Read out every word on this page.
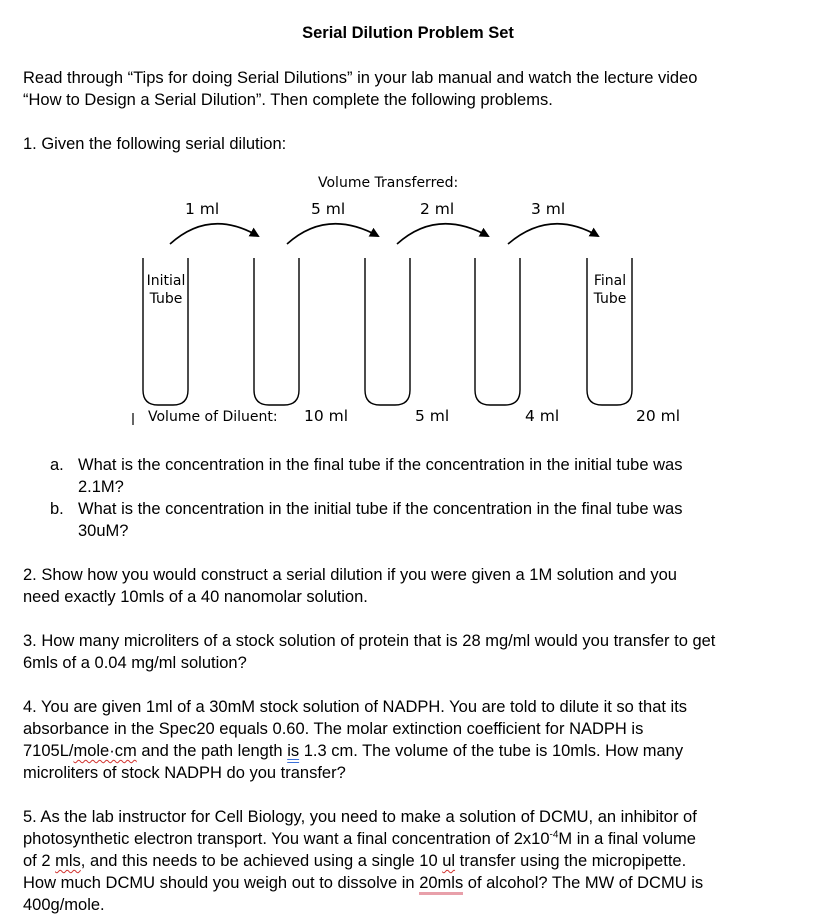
Serial Dilution Problem Set
Read through “Tips for doing Serial Dilutions” in your lab manual and watch the lecture video
“How to Design a Serial Dilution”. Then complete the following problems.
1. Given the following serial dilution:
Volume Transferred:
1 ml	5 ml	2 ml	3 ml
Initial
Tube
Final
Tube
Volume of Diluent: 10 ml	5 ml	4 ml	20 ml
a. What is the concentration in the final tube if the concentration in the initial tube was
2.1M?
b. What is the concentration in the initial tube if the concentration in the final tube was
30uM?
2. Show how you would construct a serial dilution if you were given a 1M solution and you
need exactly 10mls of a 40 nanomolar solution.
3. How many microliters of a stock solution of protein that is 28 mg/ml would you transfer to get
6mls of a 0.04 mg/ml solution?
4. You are given 1ml of a 30mM stock solution of NADPH. You are told to dilute it so that its
absorbance in the Spec20 equals 0.60. The molar extinction coefficient for NADPH is
7105L/mole·cm and the path length is 1.3 cm. The volume of the tube is 10mls. How many
microliters of stock NADPH do you transfer?
5. As the lab instructor for Cell Biology, you need to make a solution of DCMU, an inhibitor of
photosynthetic electron transport. You want a final concentration of $2x10^{-4}M$ in a final volume
of 2 mls, and this needs to be achieved using a single 10 ul transfer using the micropipette.
How much DCMU should you weigh out to dissolve in 20mls of alcohol? The MW of DCMU is
400g/mole.
